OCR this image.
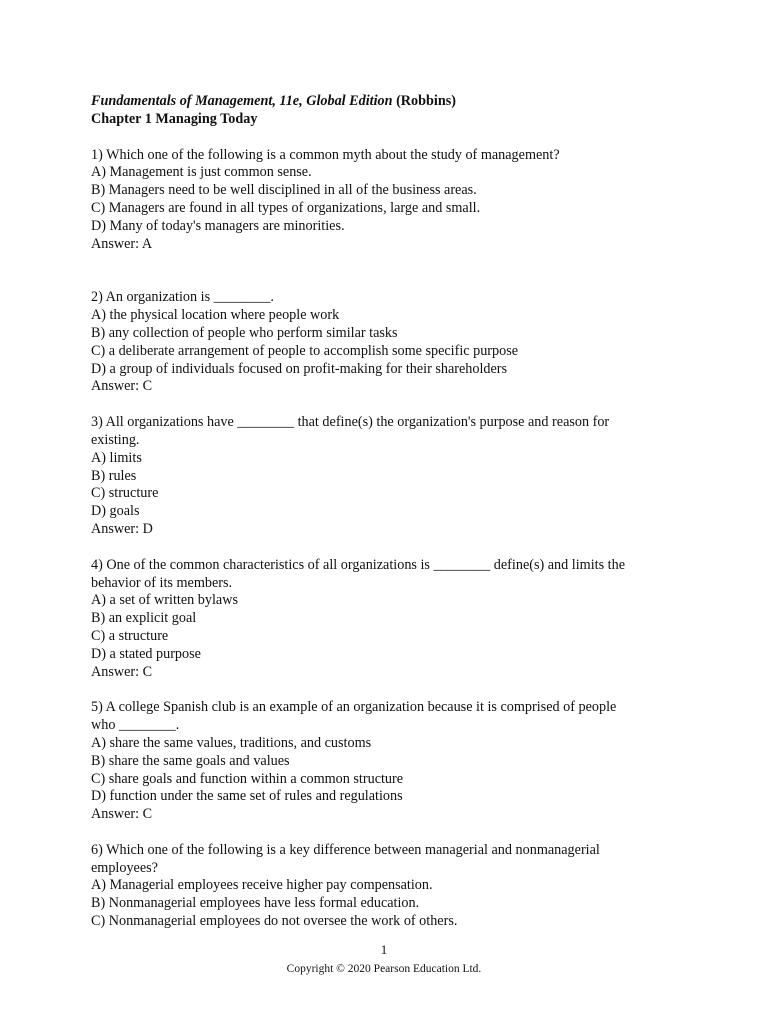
Fundamentals of Management, 11e, Global Edition (Robbins)
Chapter 1 Managing Today
1) Which one of the following is a common myth about the study of management?
A) Management is just common sense.
B) Managers need to be well disciplined in all of the business areas.
C) Managers are found in all types of organizations, large and small.
D) Many of today's managers are minorities.
Answer: A
2) An organization is ________.
A) the physical location where people work
B) any collection of people who perform similar tasks
C) a deliberate arrangement of people to accomplish some specific purpose
D) a group of individuals focused on profit-making for their shareholders
Answer: C
3) All organizations have ________ that define(s) the organization's purpose and reason for
existing.
A) limits
B) rules
C) structure
D) goals
Answer: D
4) One of the common characteristics of all organizations is ________ define(s) and limits the
behavior of its members.
A) a set of written bylaws
B) an explicit goal
C) a structure
D) a stated purpose
Answer: C
5) A college Spanish club is an example of an organization because it is comprised of people
who ________.
A) share the same values, traditions, and customs
B) share the same goals and values
C) share goals and function within a common structure
D) function under the same set of rules and regulations
Answer: C
6) Which one of the following is a key difference between managerial and nonmanagerial
employees?
A) Managerial employees receive higher pay compensation.
B) Nonmanagerial employees have less formal education.
C) Nonmanagerial employees do not oversee the work of others.
1
Copyright © 2020 Pearson Education Ltd.
